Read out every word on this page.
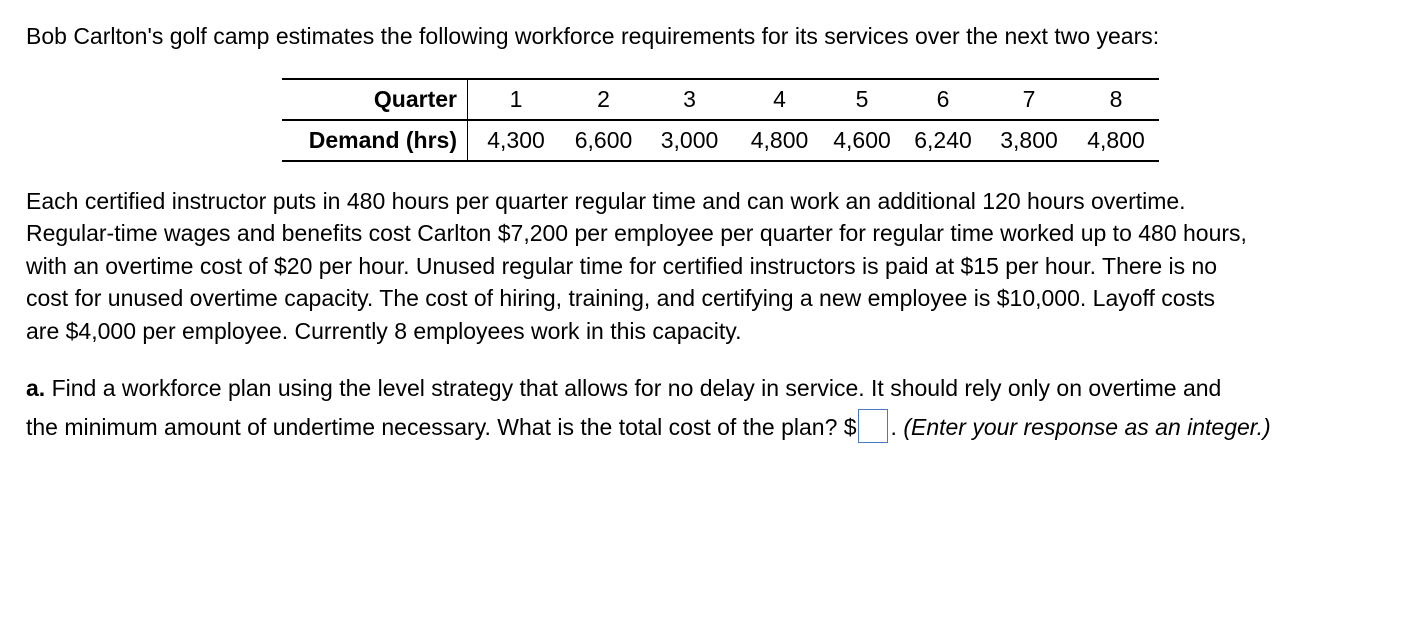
Bob Carlton's golf camp estimates the following workforce requirements for its services over the next two years:

Quarter	1	2	3	4	5	6	7	8
Demand (hrs)	4,300	6,600	3,000	4,800	4,600	6,240	3,800	4,800

Each certified instructor puts in 480 hours per quarter regular time and can work an additional 120 hours overtime.
Regular-time wages and benefits cost Carlton $7,200 per employee per quarter for regular time worked up to 480 hours,
with an overtime cost of $20 per hour. Unused regular time for certified instructors is paid at $15 per hour. There is no
cost for unused overtime capacity. The cost of hiring, training, and certifying a new employee is $10,000. Layoff costs
are $4,000 per employee. Currently 8 employees work in this capacity.

a. Find a workforce plan using the level strategy that allows for no delay in service. It should rely only on overtime and
the minimum amount of undertime necessary. What is the total cost of the plan? $ . (Enter your response as an integer.)
